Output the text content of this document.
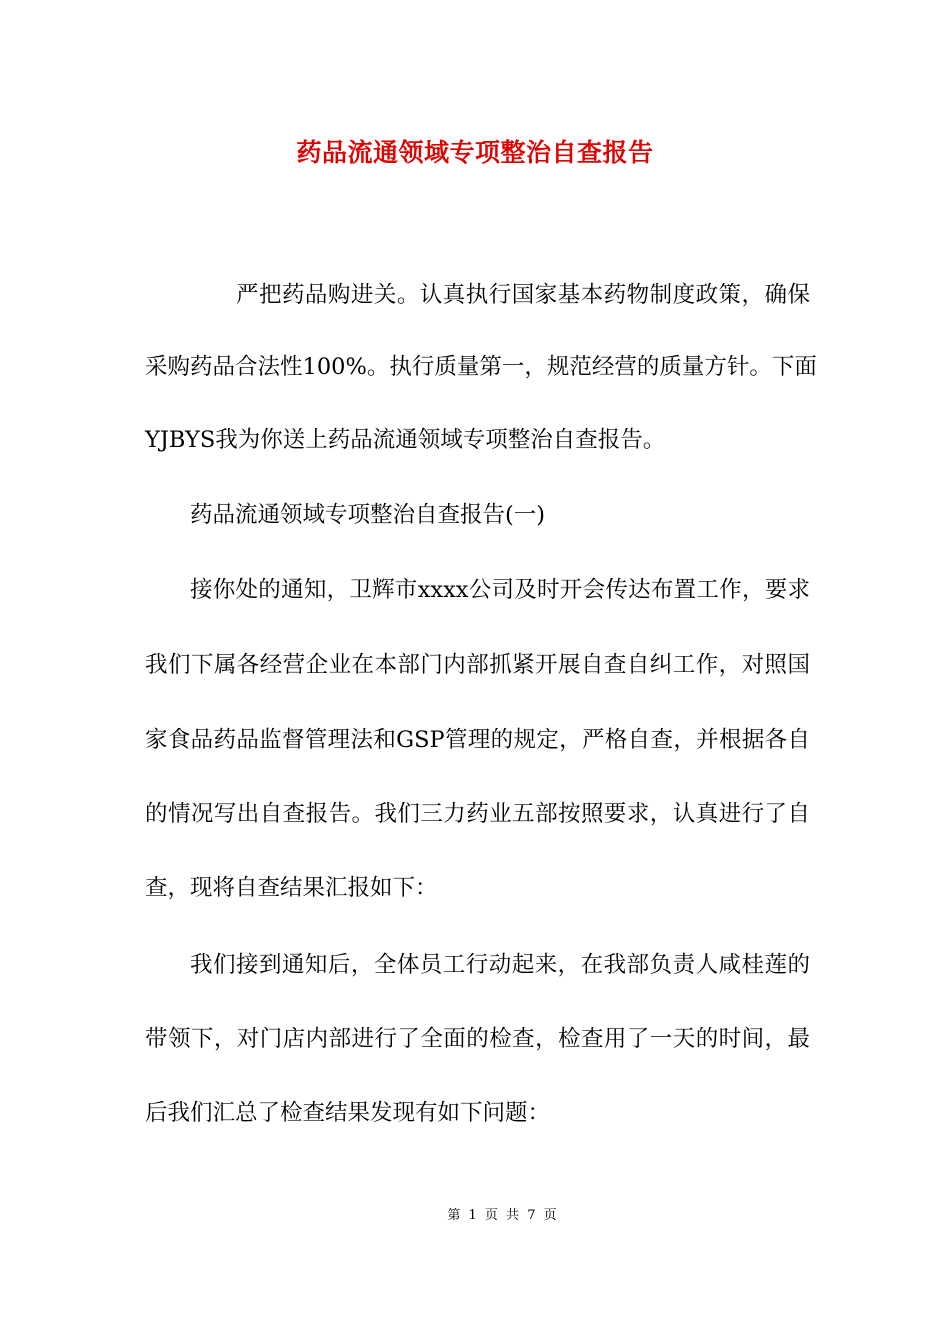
药品流通领域专项整治自查报告
严把药品购进关。认真执行国家基本药物制度政策，确保
采购药品合法性100%。执行质量第一，规范经营的质量方针。下面
YJBYS我为你送上药品流通领域专项整治自查报告。
药品流通领域专项整治自查报告(一)
接你处的通知，卫辉市xxxx公司及时开会传达布置工作，要求
我们下属各经营企业在本部门内部抓紧开展自查自纠工作，对照国
家食品药品监督管理法和GSP管理的规定，严格自查，并根据各自
的情况写出自查报告。我们三力药业五部按照要求，认真进行了自
查，现将自查结果汇报如下：
我们接到通知后，全体员工行动起来，在我部负责人咸桂莲的
带领下，对门店内部进行了全面的检查，检查用了一天的时间，最
后我们汇总了检查结果发现有如下问题：
第 1 页 共 7 页
